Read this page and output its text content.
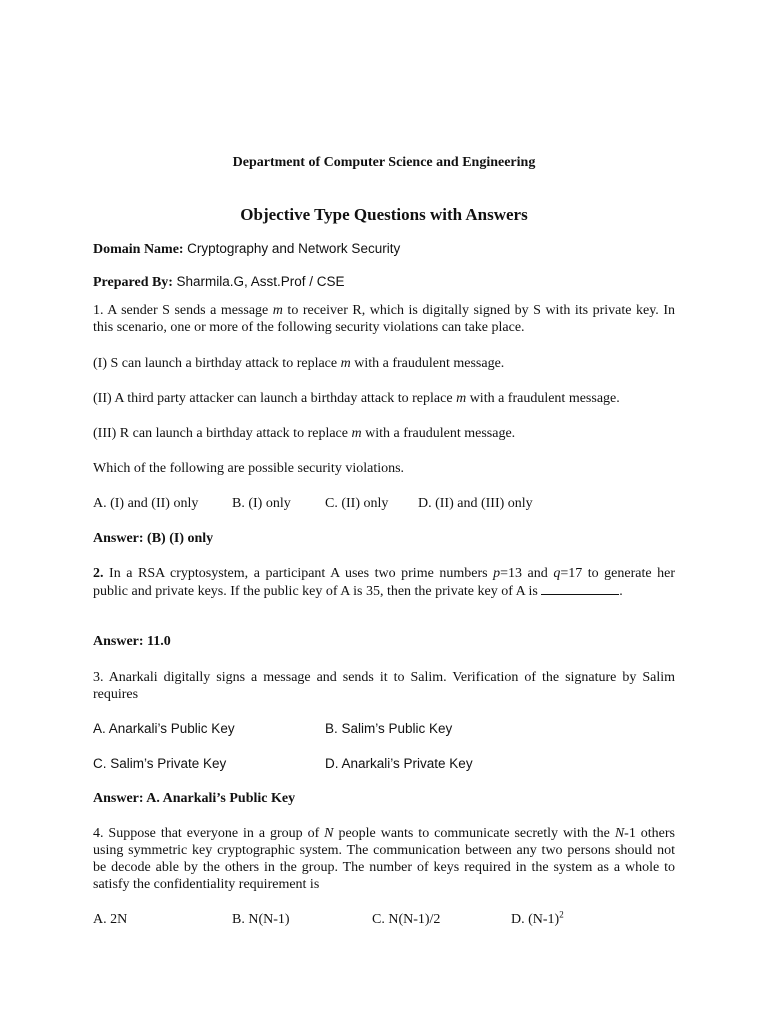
Department of Computer Science and Engineering
Objective Type Questions with Answers
Domain Name: Cryptography and Network Security
Prepared By: Sharmila.G, Asst.Prof / CSE
1. A sender S sends a message m to receiver R, which is digitally signed by S with its private key. In this scenario, one or more of the following security violations can take place.
(I) S can launch a birthday attack to replace m with a fraudulent message.
(II) A third party attacker can launch a birthday attack to replace m with a fraudulent message.
(III) R can launch a birthday attack to replace m with a fraudulent message.
Which of the following are possible security violations.
A. (I) and (II) only B. (I) only C. (II) only D. (II) and (III) only
Answer: (B) (I) only
2. In a RSA cryptosystem, a participant A uses two prime numbers p=13 and q=17 to generate her public and private keys. If the public key of A is 35, then the private key of A is	.
Answer: 11.0
3. Anarkali digitally signs a message and sends it to Salim. Verification of the signature by Salim requires
A. Anarkali’s Public Key	B. Salim’s Public Key
C. Salim’s Private Key	D. Anarkali’s Private Key
Answer: A. Anarkali’s Public Key
4. Suppose that everyone in a group of N people wants to communicate secretly with the N-1 others using symmetric key cryptographic system. The communication between any two persons should not be decode able by the others in the group. The number of keys required in the system as a whole to satisfy the confidentiality requirement is
A. 2N	B. N(N-1)	C. N(N-1)/2	D. $(N-1)^2$
